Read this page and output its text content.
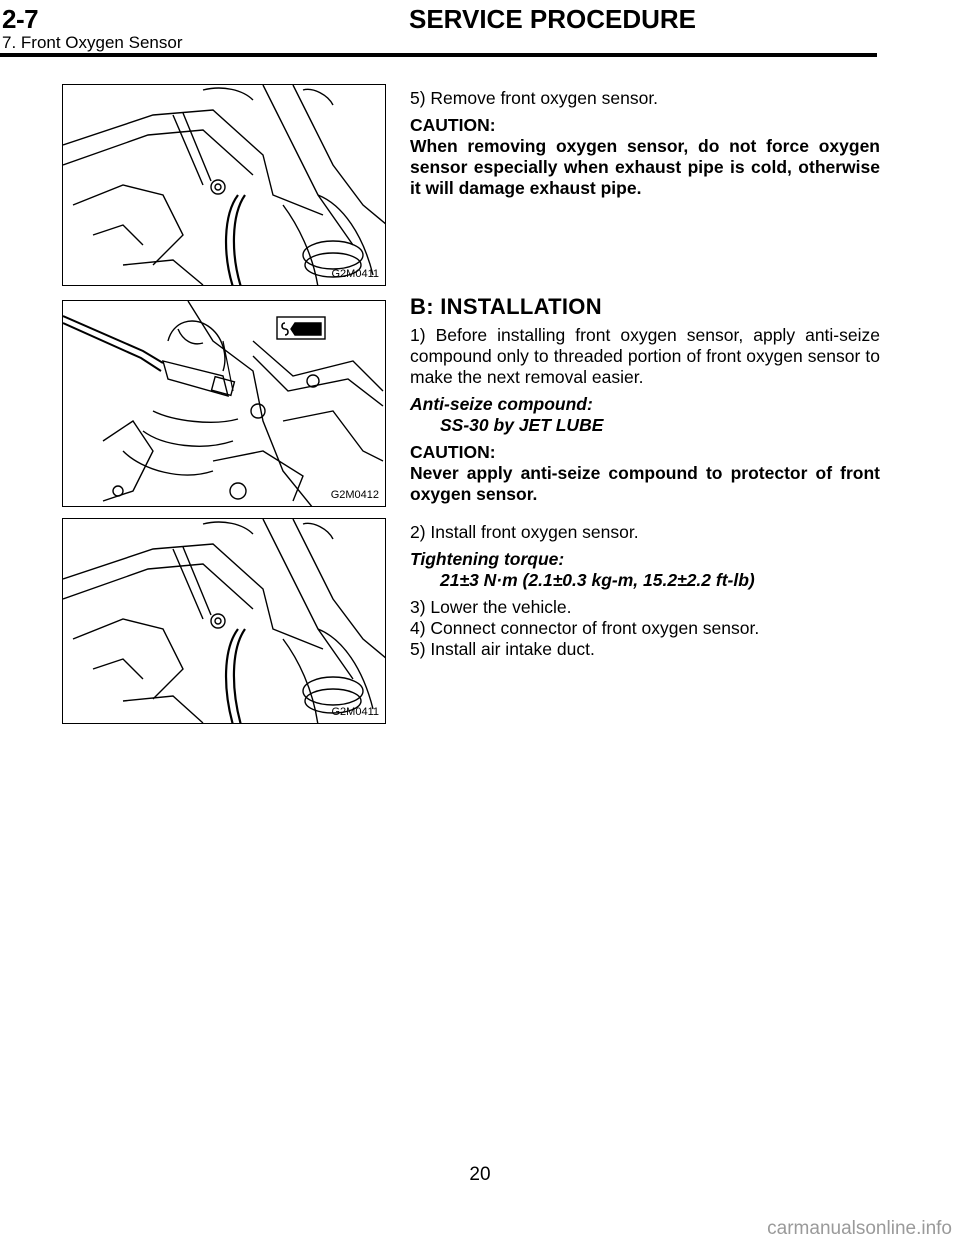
2-7	SERVICE PROCEDURE
7. Front Oxygen Sensor
G2M0411
G2M0412
G2M0411

5) Remove front oxygen sensor.

CAUTION:

When removing oxygen sensor, do not force oxygen sensor especially when exhaust pipe is cold, otherwise it will damage exhaust pipe.

B: INSTALLATION

1) Before installing front oxygen sensor, apply anti-seize compound only to threaded portion of front oxygen sensor to make the next removal easier.

Anti-seize compound:

SS-30 by JET LUBE

CAUTION:

Never apply anti-seize compound to protector of front oxygen sensor.

2) Install front oxygen sensor.

Tightening torque:

21±3 N·m (2.1±0.3 kg-m, 15.2±2.2 ft-lb)

3) Lower the vehicle.

4) Connect connector of front oxygen sensor.

5) Install air intake duct.

20
carmanualsonline.info
